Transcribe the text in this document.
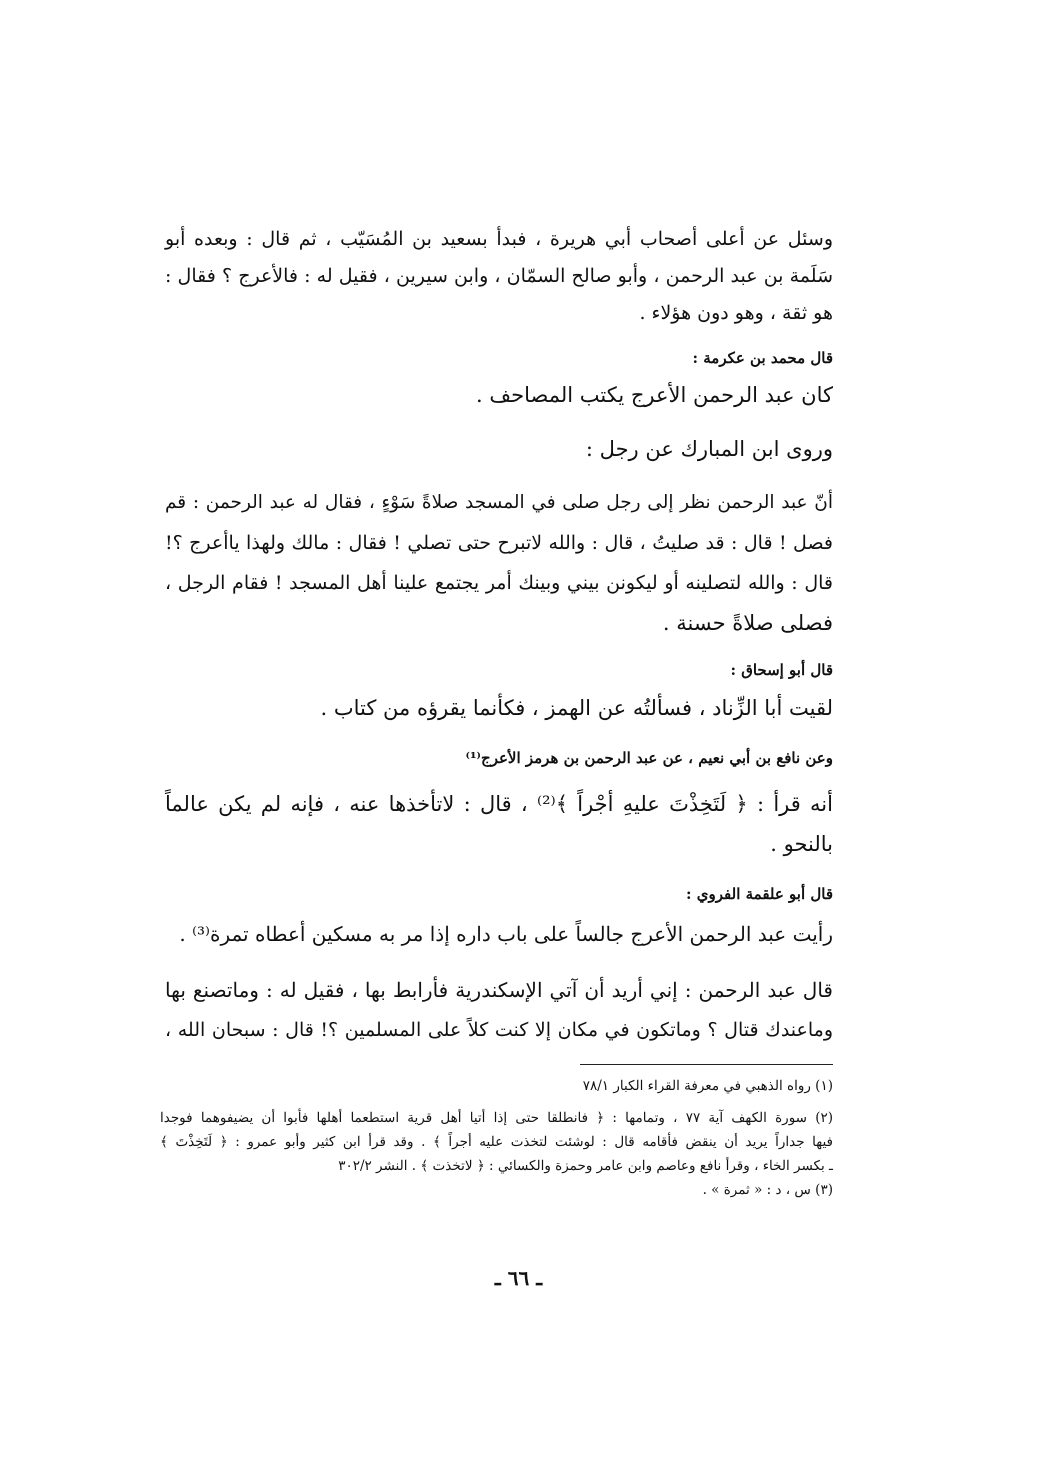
وسئل عن أعلى أصحاب أبي هريرة ، فبدأ بسعيد بن المُسَيّب ، ثم قال : وبعده أبو
سَلَمة بن عبد الرحمن ، وأبو صالح السمّان ، وابن سيرين ، فقيل له : فالأعرج ؟ فقال :
هو ثقة ، وهو دون هؤلاء .
قال محمد بن عكرمة :
كان عبد الرحمن الأعرج يكتب المصاحف .
وروى ابن المبارك عن رجل :
أنّ عبد الرحمن نظر إلى رجل صلى في المسجد صلاةً سَوْءٍ ، فقال له عبد الرحمن : قم
فصل ! قال : قد صليتُ ، قال : والله لاتبرح حتى تصلي ! فقال : مالك ولهذا ياأعرج ؟!
قال : والله لتصلينه أو ليكونن بيني وبينك أمر يجتمع علينا أهل المسجد ! فقام الرجل ،
فصلى صلاةً حسنة .
قال أبو إسحاق :
لقيت أبا الزِّناد ، فسألتُه عن الهمز ، فكأنما يقرؤه من كتاب .
وعن نافع بن أبي نعيم ، عن عبد الرحمن بن هرمز الأعرج⁽¹⁾
أنه قرأ : ﴿ لَتَخِذْتَ عليهِ أجْراً ﴾⁽²⁾ ، قال : لاتأخذها عنه ، فإنه لم يكن عالماً
بالنحو .
قال أبو علقمة الفروي :
رأيت عبد الرحمن الأعرج جالساً على باب داره إذا مر به مسكين أعطاه تمرة⁽³⁾ .
قال عبد الرحمن : إني أريد أن آتي الإسكندرية فأرابط بها ، فقيل له : وماتصنع بها
وماعندك قتال ؟ وماتكون في مكان إلا كنت كلاً على المسلمين ؟! قال : سبحان الله ،
(١) رواه الذهبي في معرفة القراء الكبار ٧٨/١
(٢) سورة الكهف آية ٧٧ ، وتمامها : ﴿ فانطلقا حتى إذا أتيا أهل قرية استطعما أهلها فأبوا أن يضيفوهما فوجدا
فيها جداراً يريد أن ينقض فأقامه قال : لوشئت لتخذت عليه أجراً ﴾ . وقد قرأ ابن كثير وأبو عمرو : ﴿ لَتَخِذْتَ ﴾
ـ بكسر الخاء ، وقرأ نافع وعاصم وابن عامر وحمزة والكسائي : ﴿ لاتخذت ﴾ . النشر ٣٠٢/٢
(٣) س ، د : « ثمرة » .
ـ ٦٦ ـ
